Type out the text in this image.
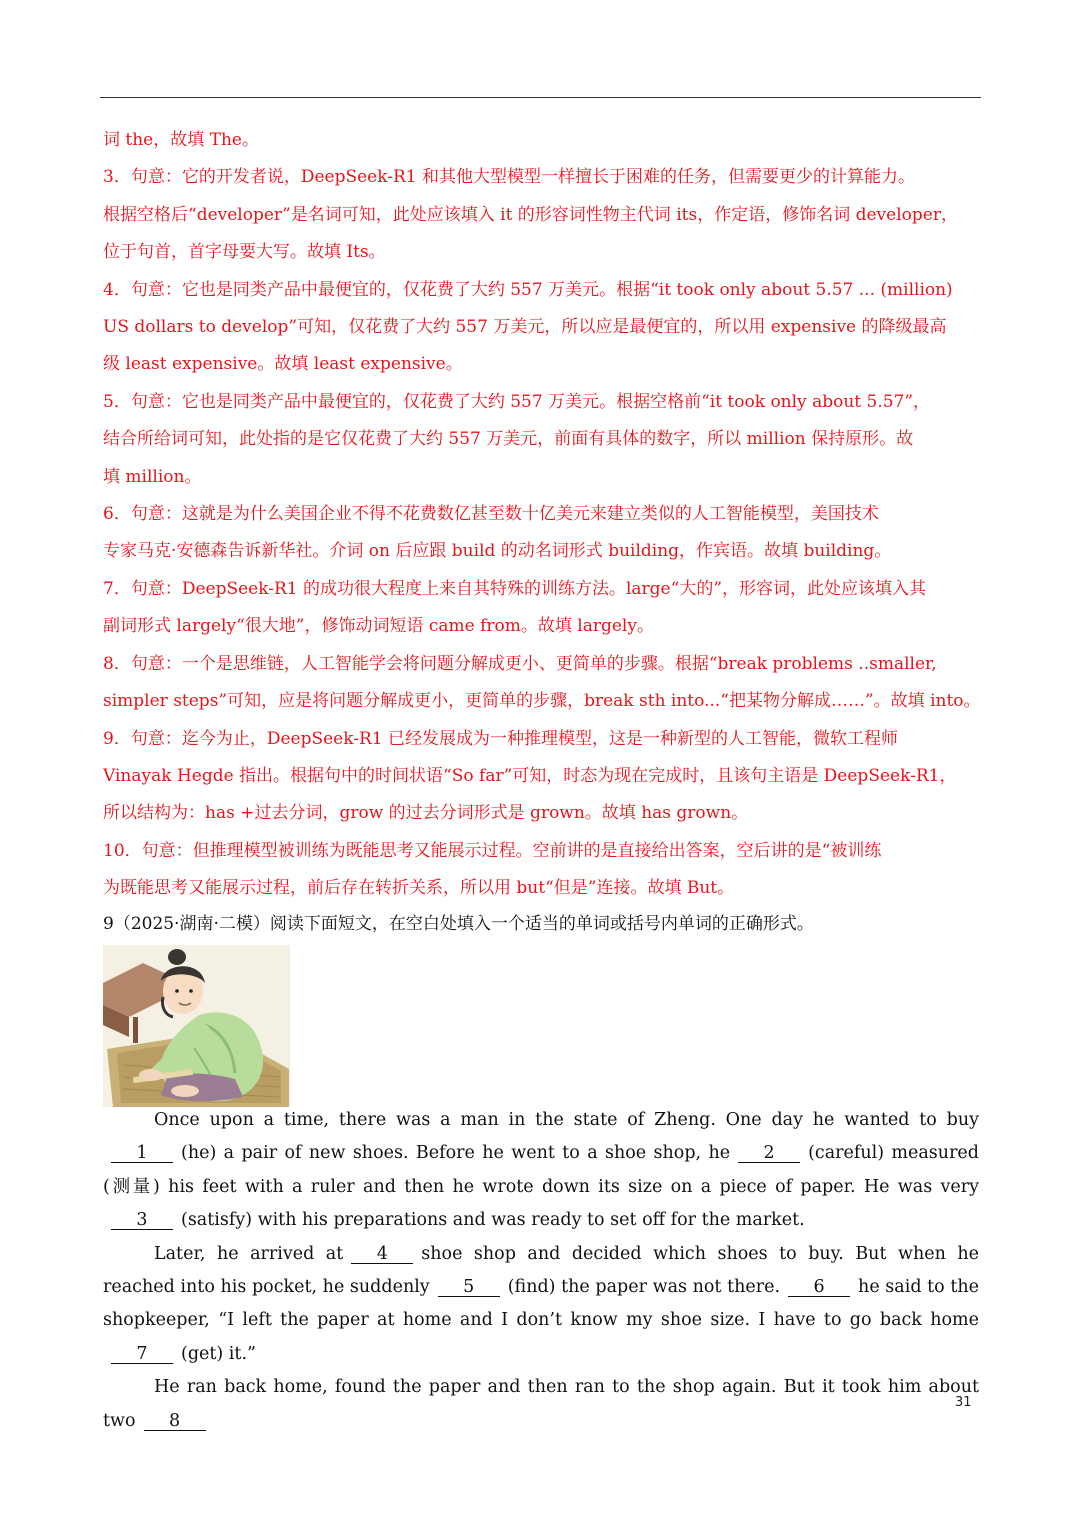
词 the，故填 The。

3．句意：它的开发者说，DeepSeek-R1 和其他大型模型一样擅长于困难的任务，但需要更少的计算能力。

根据空格后“developer”是名词可知，此处应该填入 it 的形容词性物主代词 its，作定语，修饰名词 developer，

位于句首，首字母要大写。故填 Its。

4．句意：它也是同类产品中最便宜的，仅花费了大约 557 万美元。根据“it took only about 5.57 ... (million)

US dollars to develop”可知，仅花费了大约 557 万美元，所以应是最便宜的，所以用 expensive 的降级最高

级 least expensive。故填 least expensive。

5．句意：它也是同类产品中最便宜的，仅花费了大约 557 万美元。根据空格前“it took only about 5.57”，

结合所给词可知，此处指的是它仅花费了大约 557 万美元，前面有具体的数字，所以 million 保持原形。故

填 million。

6．句意：这就是为什么美国企业不得不花费数亿甚至数十亿美元来建立类似的人工智能模型，美国技术

专家马克·安德森告诉新华社。介词 on 后应跟 build 的动名词形式 building，作宾语。故填 building。

7．句意：DeepSeek-R1 的成功很大程度上来自其特殊的训练方法。large“大的”，形容词，此处应该填入其

副词形式 largely“很大地”，修饰动词短语 came from。故填 largely。

8．句意：一个是思维链，人工智能学会将问题分解成更小、更简单的步骤。根据“break problems ..smaller,

simpler steps”可知，应是将问题分解成更小，更简单的步骤，break sth into...“把某物分解成……”。故填 into。

9．句意：迄今为止，DeepSeek-R1 已经发展成为一种推理模型，这是一种新型的人工智能，微软工程师

Vinayak Hegde 指出。根据句中的时间状语“So far”可知，时态为现在完成时，且该句主语是 DeepSeek-R1，

所以结构为：has +过去分词，grow 的过去分词形式是 grown。故填 has grown。

10．句意：但推理模型被训练为既能思考又能展示过程。空前讲的是直接给出答案，空后讲的是“被训练

为既能思考又能展示过程，前后存在转折关系，所以用 but“但是”连接。故填 But。

9（2025·湖南·二模）阅读下面短文，在空白处填入一个适当的单词或括号内单词的正确形式。

Once upon a time, there was a man in the state of Zheng. One day he wanted to buy1 (he) a pair of new shoes. Before he went to a shoe shop, he 2 (careful) measured (测量) his feet with a ruler and then he wrote down its size on a piece of paper. He was very3 (satisfy) with his preparations and was ready to set off for the market.

Later, he arrived at 4 shoe shop and decided which shoes to buy. But when he reached into his pocket, he suddenly 5 (find) the paper was not there. 6 he said to the shopkeeper, “I left the paper at home and I don’t know my shoe size. I have to go back home7 (get) it.”

He ran back home, found the paper and then ran to the shop again. But it took him about two 8

31
